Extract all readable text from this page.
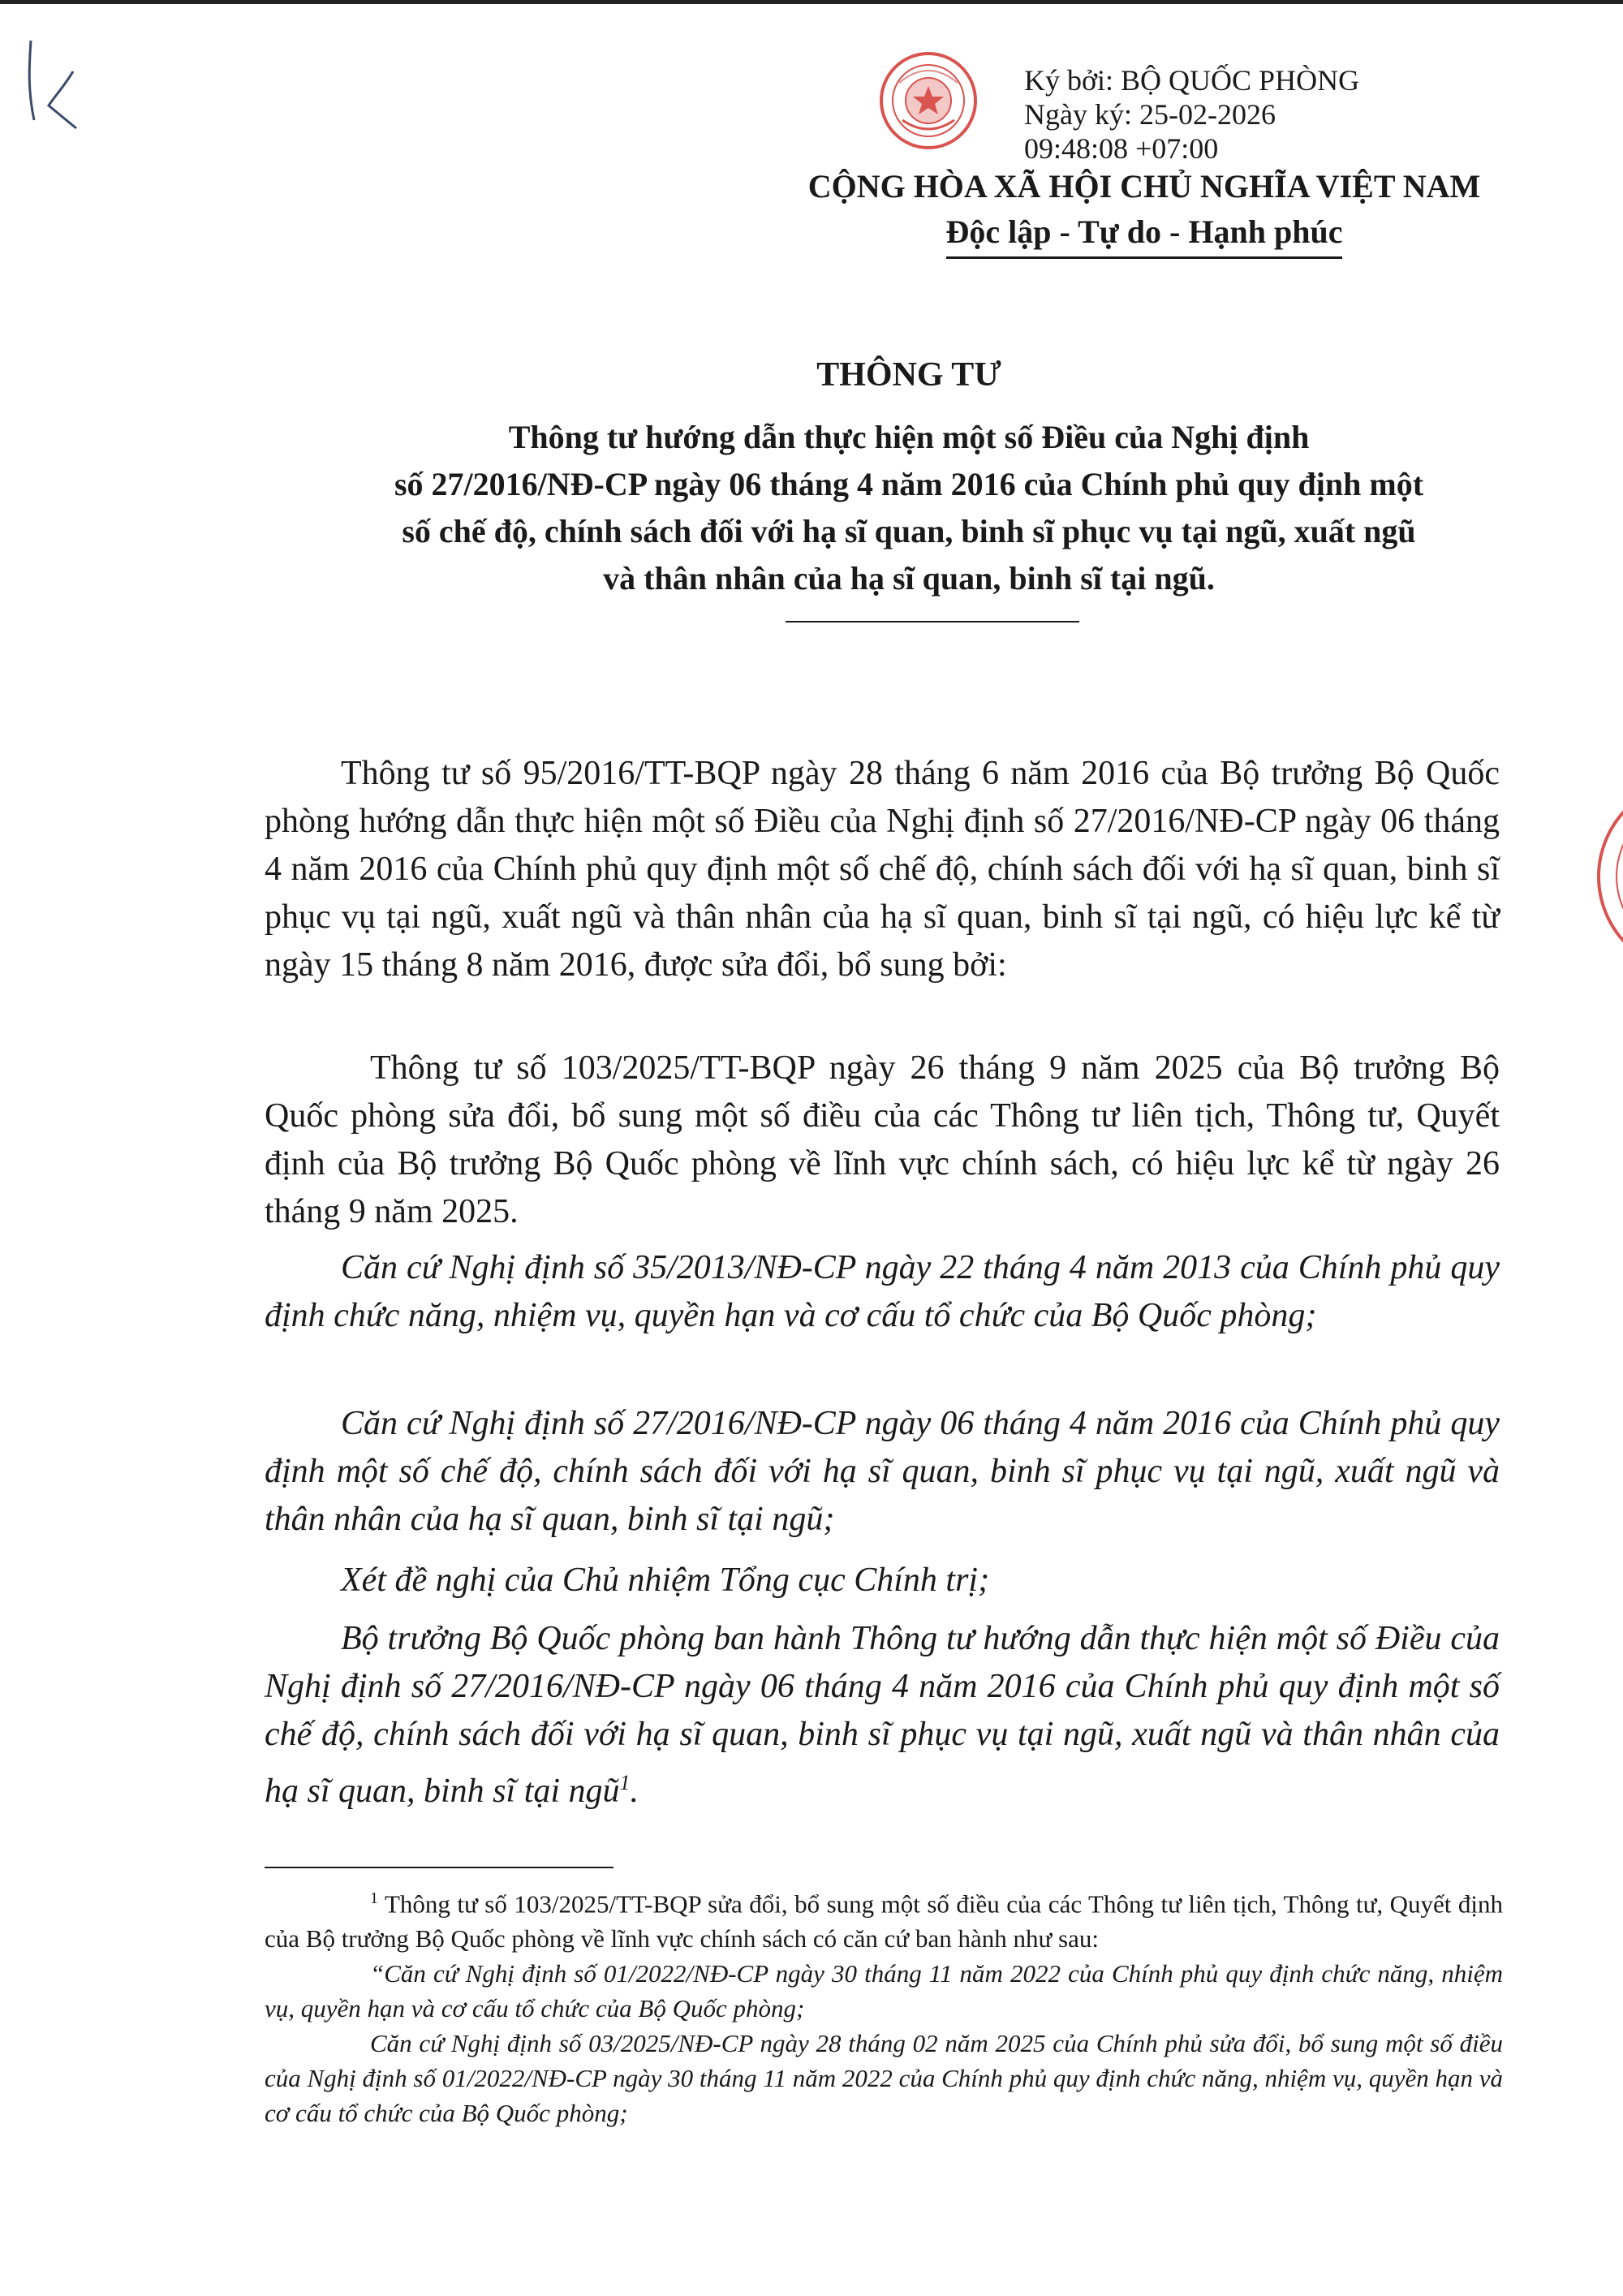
Ký bởi: BỘ QUỐC PHÒNG
Ngày ký: 25-02-2026
09:48:08 +07:00
CỘNG HÒA XÃ HỘI CHỦ NGHĨA VIỆT NAM
Độc lập - Tự do - Hạnh phúc
THÔNG TƯ
Thông tư hướng dẫn thực hiện một số Điều của Nghị định
số 27/2016/NĐ-CP ngày 06 tháng 4 năm 2016 của Chính phủ quy định một
số chế độ, chính sách đối với hạ sĩ quan, binh sĩ phục vụ tại ngũ, xuất ngũ
và thân nhân của hạ sĩ quan, binh sĩ tại ngũ.

Thông tư số 95/2016/TT-BQP ngày 28 tháng 6 năm 2016 của Bộ trưởng Bộ Quốc phòng hướng dẫn thực hiện một số Điều của Nghị định số 27/2016/NĐ-CP ngày 06 tháng 4 năm 2016 của Chính phủ quy định một số chế độ, chính sách đối với hạ sĩ quan, binh sĩ phục vụ tại ngũ, xuất ngũ và thân nhân của hạ sĩ quan, binh sĩ tại ngũ, có hiệu lực kể từ ngày 15 tháng 8 năm 2016, được sửa đổi, bổ sung bởi:

Thông tư số 103/2025/TT-BQP ngày 26 tháng 9 năm 2025 của Bộ trưởng Bộ Quốc phòng sửa đổi, bổ sung một số điều của các Thông tư liên tịch, Thông tư, Quyết định của Bộ trưởng Bộ Quốc phòng về lĩnh vực chính sách, có hiệu lực kể từ ngày 26 tháng 9 năm 2025.

Căn cứ Nghị định số 35/2013/NĐ-CP ngày 22 tháng 4 năm 2013 của Chính phủ quy định chức năng, nhiệm vụ, quyền hạn và cơ cấu tổ chức của Bộ Quốc phòng;

Căn cứ Nghị định số 27/2016/NĐ-CP ngày 06 tháng 4 năm 2016 của Chính phủ quy định một số chế độ, chính sách đối với hạ sĩ quan, binh sĩ phục vụ tại ngũ, xuất ngũ và thân nhân của hạ sĩ quan, binh sĩ tại ngũ;

Xét đề nghị của Chủ nhiệm Tổng cục Chính trị;

Bộ trưởng Bộ Quốc phòng ban hành Thông tư hướng dẫn thực hiện một số Điều của Nghị định số 27/2016/NĐ-CP ngày 06 tháng 4 năm 2016 của Chính phủ quy định một số chế độ, chính sách đối với hạ sĩ quan, binh sĩ phục vụ tại ngũ, xuất ngũ và thân nhân của hạ sĩ quan, binh sĩ tại ngũ$^1$.

$^1$ Thông tư số 103/2025/TT-BQP sửa đổi, bổ sung một số điều của các Thông tư liên tịch, Thông tư, Quyết định của Bộ trưởng Bộ Quốc phòng về lĩnh vực chính sách có căn cứ ban hành như sau:

“Căn cứ Nghị định số 01/2022/NĐ-CP ngày 30 tháng 11 năm 2022 của Chính phủ quy định chức năng, nhiệm vụ, quyền hạn và cơ cấu tổ chức của Bộ Quốc phòng;

Căn cứ Nghị định số 03/2025/NĐ-CP ngày 28 tháng 02 năm 2025 của Chính phủ sửa đổi, bổ sung một số điều của Nghị định số 01/2022/NĐ-CP ngày 30 tháng 11 năm 2022 của Chính phủ quy định chức năng, nhiệm vụ, quyền hạn và cơ cấu tổ chức của Bộ Quốc phòng;
